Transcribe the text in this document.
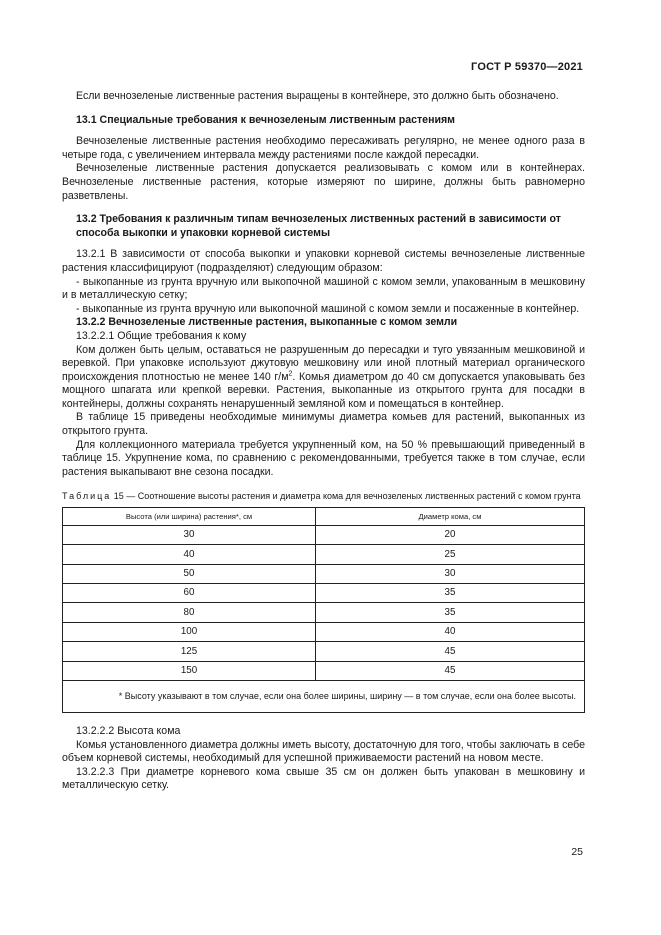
ГОСТ Р 59370—2021

Если вечнозеленые лиственные растения выращены в контейнере, это должно быть обозначено.

13.1 Специальные требования к вечнозеленым лиственным растениям

Вечнозеленые лиственные растения необходимо пересаживать регулярно, не менее одного раза в четыре года, с увеличением интервала между растениями после каждой пересадки.

Вечнозеленые лиственные растения допускается реализовывать с комом или в контейнерах. Вечнозеленые лиственные растения, которые измеряют по ширине, должны быть равномерно разветвлены.

13.2 Требования к различным типам вечнозеленых лиственных растений в зависимости от способа выкопки и упаковки корневой системы

13.2.1 В зависимости от способа выкопки и упаковки корневой системы вечнозеленые лиственные растения классифицируют (подразделяют) следующим образом:

- выкопанные из грунта вручную или выкопочной машиной с комом земли, упакованным в мешковину и в металлическую сетку;

- выкопанные из грунта вручную или выкопочной машиной с комом земли и посаженные в контейнер.

13.2.2 Вечнозеленые лиственные растения, выкопанные с комом земли

13.2.2.1 Общие требования к кому

Ком должен быть целым, оставаться не разрушенным до пересадки и туго увязанным мешковиной и веревкой. При упаковке используют джутовую мешковину или иной плотный материал органического происхождения плотностью не менее 140 $г/м^2$. Комья диаметром до 40 см допускается упаковывать без мощного шпагата или крепкой веревки. Растения, выкопанные из открытого грунта для посадки в контейнеры, должны сохранять ненарушенный земляной ком и помещаться в контейнер.

В таблице 15 приведены необходимые минимумы диаметра комьев для растений, выкопанных из открытого грунта.

Для коллекционного материала требуется укрупненный ком, на 50 % превышающий приведенный в таблице 15. Укрупнение кома, по сравнению с рекомендованными, требуется также в том случае, если растения выкапывают вне сезона посадки.

Таблица 15 — Соотношение высоты растения и диаметра кома для вечнозеленых лиственных растений с комом грунта

Высота (или ширина) растения*, см	Диаметр кома, см
30	20
40	25
50	30
60	35
80	35
100	40
125	45
150	45
* Высоту указывают в том случае, если она более ширины, ширину — в том случае, если она более высоты.	

13.2.2.2 Высота кома

Комья установленного диаметра должны иметь высоту, достаточную для того, чтобы заключать в себе объем корневой системы, необходимый для успешной приживаемости растений на новом месте.

13.2.2.3 При диаметре корневого кома свыше 35 см он должен быть упакован в мешковину и металлическую сетку.

25
